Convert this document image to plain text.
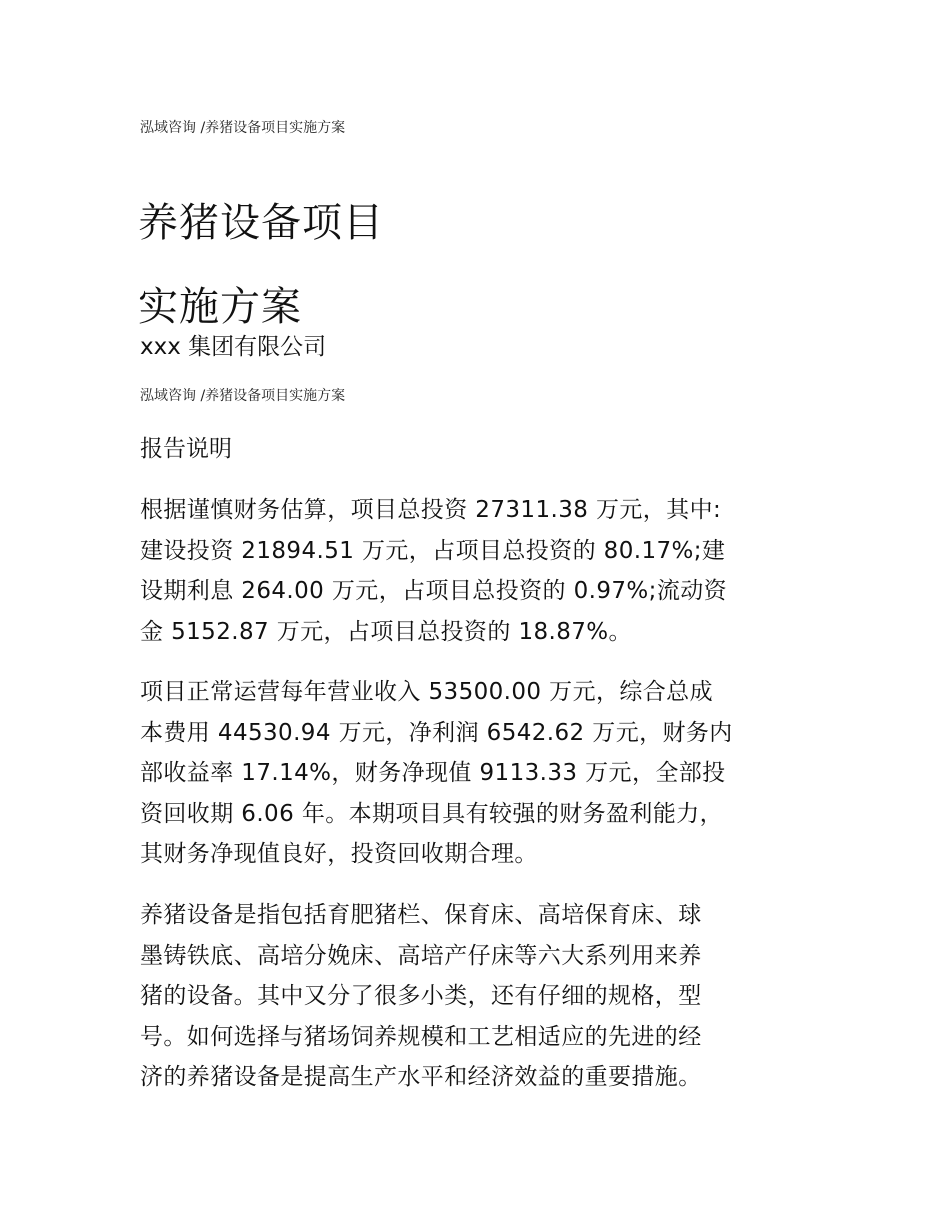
泓域咨询 /养猪设备项目实施方案
养猪设备项目
实施方案
xxx 集团有限公司
泓域咨询 /养猪设备项目实施方案
报告说明
根据谨慎财务估算，项目总投资 27311.38 万元，其中:
建设投资 21894.51 万元，占项目总投资的 80.17%;建
设期利息 264.00 万元，占项目总投资的 0.97%;流动资
金 5152.87 万元，占项目总投资的 18.87%。
项目正常运营每年营业收入 53500.00 万元，综合总成
本费用 44530.94 万元，净利润 6542.62 万元，财务内
部收益率 17.14%，财务净现值 9113.33 万元，全部投
资回收期 6.06 年。本期项目具有较强的财务盈利能力，
其财务净现值良好，投资回收期合理。
养猪设备是指包括育肥猪栏、保育床、高培保育床、球
墨铸铁底、高培分娩床、高培产仔床等六大系列用来养
猪的设备。其中又分了很多小类，还有仔细的规格，型
号。如何选择与猪场饲养规模和工艺相适应的先进的经
济的养猪设备是提高生产水平和经济效益的重要措施。
